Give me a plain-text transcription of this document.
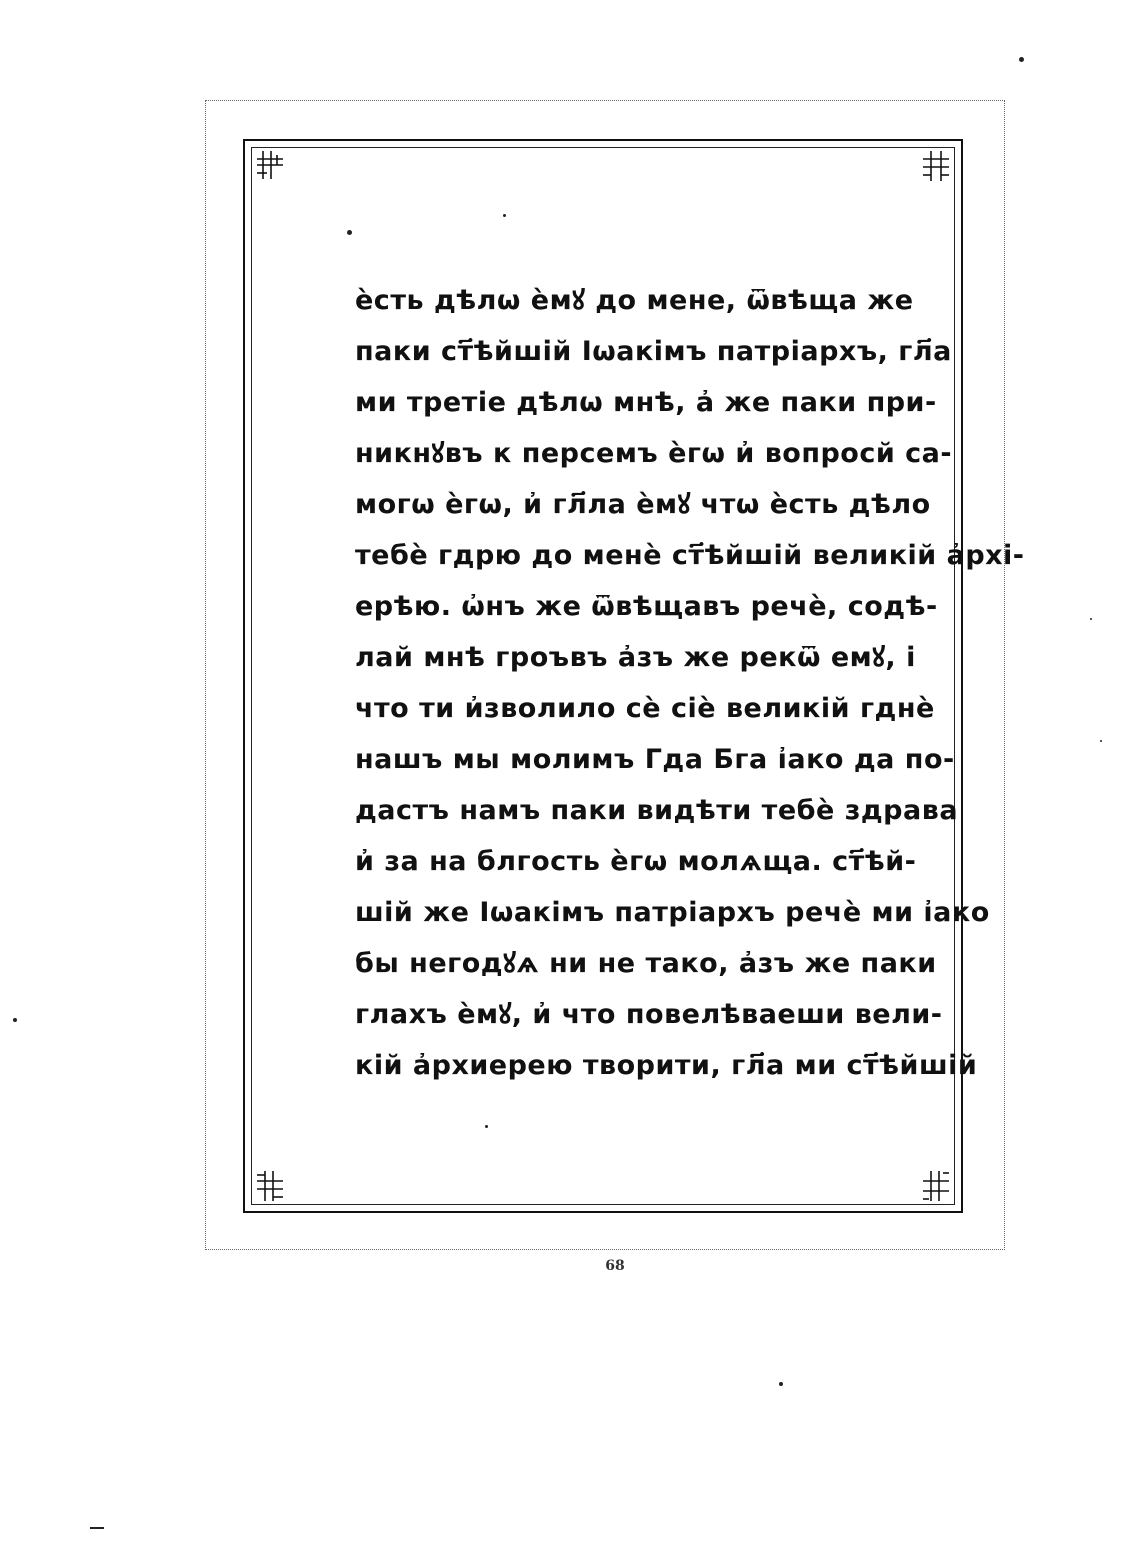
ѐсть дѣлѡ ѐмꙋ до мене, ѿвѣща же
паки ст҃ѣйшій Іѡакімъ патріархъ, гл҃а
ми третіе дѣлѡ мнѣ, а҆ же паки при-
никнꙋвъ к персемъ ѐгѡ и҆ вопросй са-
могѡ ѐгѡ, и҆ гл҃ла ѐмꙋ чтѡ ѐсть дѣло
тебѐ гдрю до менѐ ст҃ѣйшій великій а҆рхі-
ерѣю. ѡ҆нъ же ѿвѣщавъ речѐ, содѣ-
лай мнѣ гроъвъ а҆зъ же рекѿ емꙋ, і
что ти и҆зволило сѐ сіѐ великій гднѐ
нашъ мы молимъ Гда Бга і҆ако да по-
дастъ намъ паки видѣти тебѐ здрава
и҆ за на блгость ѐгѡ молѧща. ст҃ѣй-
шій же Іѡакімъ патріархъ речѐ ми і҆ако
бы негодꙋѧ ни не тако, а҆зъ же паки
глахъ ѐмꙋ, и҆ что повелѣваеши вели-
кій а҆рхиерею творити, гл҃а ми ст҃ѣйшій
68
